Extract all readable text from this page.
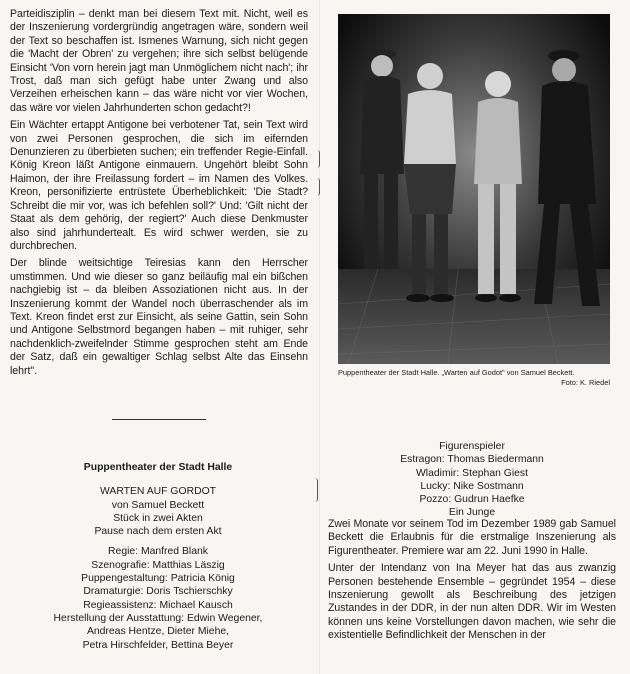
Parteidisziplin – denkt man bei diesem Text mit. Nicht, weil es der Inszenierung vordergründig angetragen wäre, sondern weil der Text so beschaffen ist. Ismenes Warnung, sich nicht gegen die 'Macht der Obren' zu vergehen; ihre sich selbst belügende Einsicht 'Von vorn herein jagt man Unmöglichem nicht nach'; ihr Trost, daß man sich gefügt habe unter Zwang und also Verzeihen erheischen kann – das wäre nicht vor vier Wochen, das wäre vor vielen Jahrhunderten schon gedacht?!

Ein Wächter ertappt Antigone bei verbotener Tat, sein Text wird von zwei Personen gesprochen, die sich im eifernden Denunzieren zu überbieten suchen; ein treffender Regie-Einfall. König Kreon läßt Antigone einmauern. Ungehört bleibt Sohn Haimon, der ihre Freilassung fordert – im Namen des Volkes. Kreon, personifizierte entrüstete Überheblichkeit: 'Die Stadt? Schreibt die mir vor, was ich befehlen soll?' Und: 'Gilt nicht der Staat als dem gehörig, der regiert?' Auch diese Denkmuster also sind jahrhundertealt. Es wird schwer werden, sie zu durchbrechen.

Der blinde weitsichtige Teiresias kann den Herrscher umstimmen. Und wie dieser so ganz beiläufig mal ein bißchen nachgiebig ist – da bleiben Assoziationen nicht aus. In der Inszenierung kommt der Wandel noch überraschender als im Text. Kreon findet erst zur Einsicht, als seine Gattin, sein Sohn und Antigone Selbstmord begangen haben – mit ruhiger, sehr nachdenklich-zweifelnder Stimme gesprochen steht am Ende der Satz, daß ein gewaltiger Schlag selbst Alte das Einsehn lehrt".	Puppentheater der Stadt Halle. „Warten auf Godot" von Samuel Beckett.
Foto: K. Riedel
Puppentheater der Stadt Halle
WARTEN AUF GORDOT
von Samuel Beckett
Stück in zwei Akten
Pause nach dem ersten Akt
Regie: Manfred Blank
Szenografie: Matthias Läszig
Puppengestaltung: Patricia König
Dramaturgie: Doris Tschierschky
Regieassistenz: Michael Kausch
Herstellung der Ausstattung: Edwin Wegener,
Andreas Hentze, Dieter Miehe,
Petra Hirschfelder, Bettina Beyer
Figurenspieler
Estragon: Thomas Biedermann
Wladimir: Stephan Giest
Lucky: Nike Sostmann
Pozzo: Gudrun Haefke
Ein Junge

Zwei Monate vor seinem Tod im Dezember 1989 gab Samuel Beckett die Erlaubnis für die erstmalige Inszenierung als Figurentheater. Premiere war am 22. Juni 1990 in Halle.

Unter der Intendanz von Ina Meyer hat das aus zwanzig Personen bestehende Ensemble – gegründet 1954 – diese Inszenierung gewollt als Beschreibung des jetzigen Zustandes in der DDR, in der nun alten DDR. Wir im Westen können uns keine Vorstellungen davon machen, wie sehr die existentielle Befindlichkeit der Menschen in der
